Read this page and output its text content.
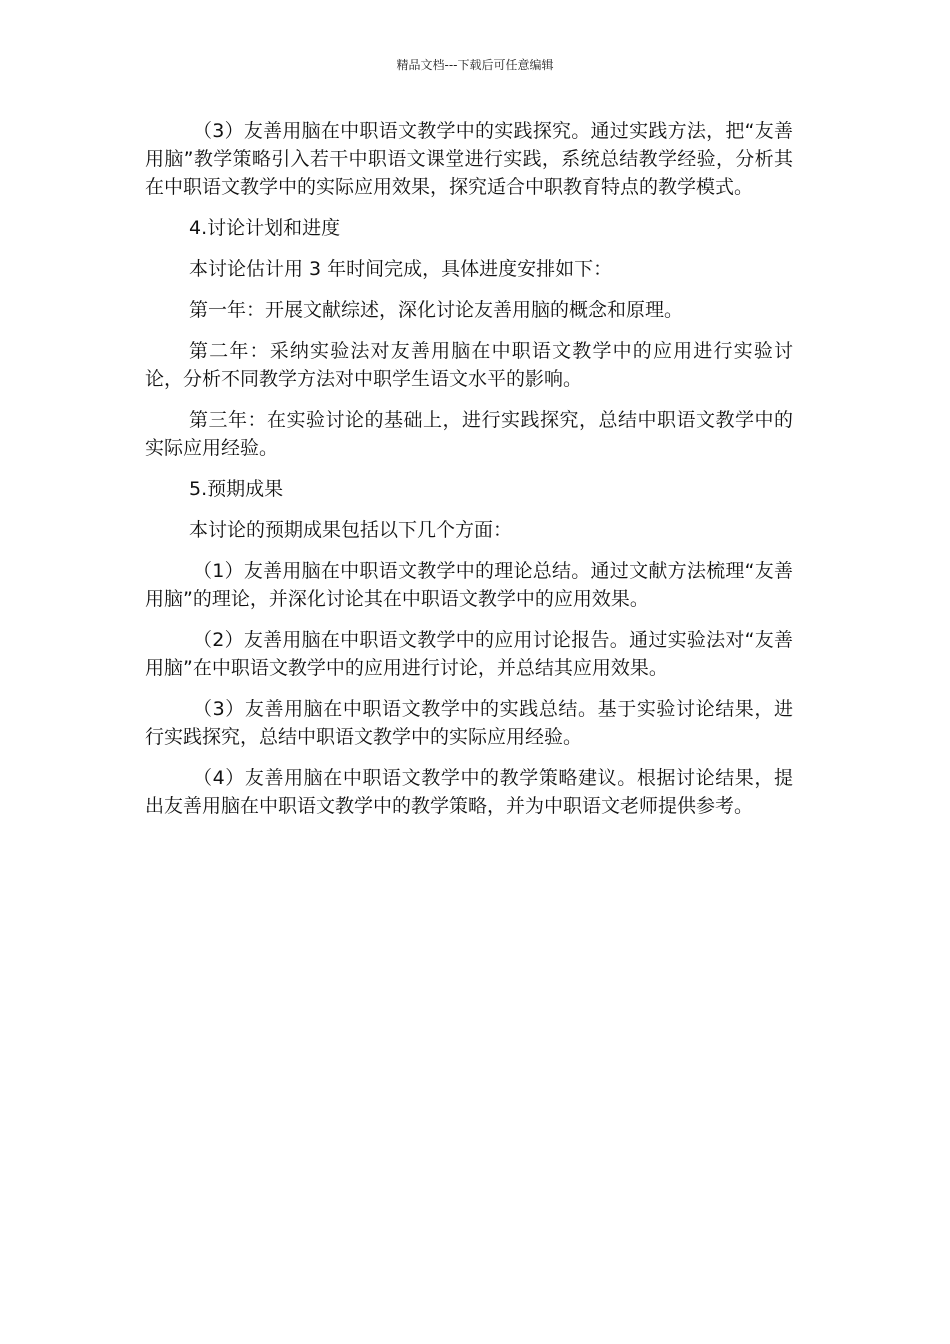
精品文档---下载后可任意编辑

（3）友善用脑在中职语文教学中的实践探究。通过实践方法，把“友善用脑”教学策略引入若干中职语文课堂进行实践，系统总结教学经验，分析其在中职语文教学中的实际应用效果，探究适合中职教育特点的教学模式。

4.讨论计划和进度

本讨论估计用 3 年时间完成，具体进度安排如下：

第一年：开展文献综述，深化讨论友善用脑的概念和原理。

第二年：采纳实验法对友善用脑在中职语文教学中的应用进行实验讨论，分析不同教学方法对中职学生语文水平的影响。

第三年：在实验讨论的基础上，进行实践探究，总结中职语文教学中的实际应用经验。

5.预期成果

本讨论的预期成果包括以下几个方面：

（1）友善用脑在中职语文教学中的理论总结。通过文献方法梳理“友善用脑”的理论，并深化讨论其在中职语文教学中的应用效果。

（2）友善用脑在中职语文教学中的应用讨论报告。通过实验法对“友善用脑”在中职语文教学中的应用进行讨论，并总结其应用效果。

（3）友善用脑在中职语文教学中的实践总结。基于实验讨论结果，进行实践探究，总结中职语文教学中的实际应用经验。

（4）友善用脑在中职语文教学中的教学策略建议。根据讨论结果，提出友善用脑在中职语文教学中的教学策略，并为中职语文老师提供参考。
